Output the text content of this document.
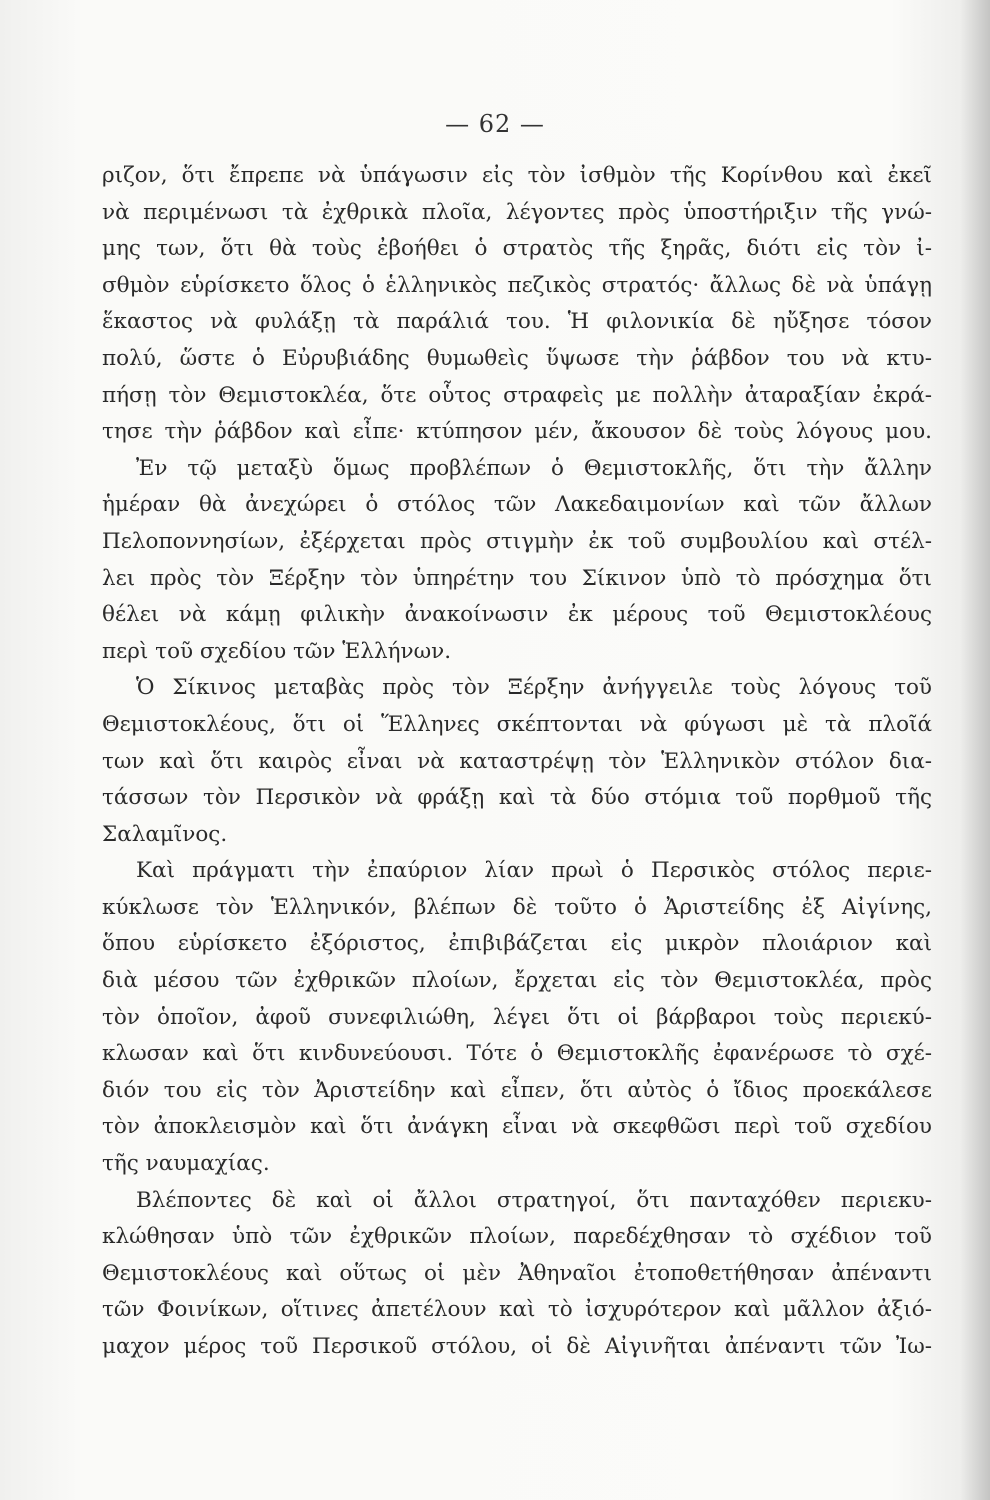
— 62 —
ριζον, ὅτι ἔπρεπε νὰ ὑπάγωσιν εἰς τὸν ἰσθμὸν τῆς Κορίνθου καὶ ἐκεῖ
νὰ περιμένωσι τὰ ἐχθρικὰ πλοῖα, λέγοντες πρὸς ὑποστήριξιν τῆς γνώ-
μης των, ὅτι θὰ τοὺς ἐβοήθει ὁ στρατὸς τῆς ξηρᾶς, διότι εἰς τὸν ἰ-
σθμὸν εὑρίσκετο ὅλος ὁ ἑλληνικὸς πεζικὸς στρατός· ἄλλως δὲ νὰ ὑπάγῃ
ἕκαστος νὰ φυλάξῃ τὰ παράλιά του. Ἡ φιλονικία δὲ ηὔξησε τόσον
πολύ, ὥστε ὁ Εὐρυβιάδης θυμωθεὶς ὕψωσε τὴν ῥάβδον του νὰ κτυ-
πήσῃ τὸν Θεμιστοκλέα, ὅτε οὗτος στραφεὶς με πολλὴν ἀταραξίαν ἐκρά-
τησε τὴν ῥάβδον καὶ εἶπε· κτύπησον μέν, ἄκουσον δὲ τοὺς λόγους μου.
Ἐν τῷ μεταξὺ ὅμως προβλέπων ὁ Θεμιστοκλῆς, ὅτι τὴν ἄλλην
ἡμέραν θὰ ἀνεχώρει ὁ στόλος τῶν Λακεδαιμονίων καὶ τῶν ἄλλων
Πελοποννησίων, ἐξέρχεται πρὸς στιγμὴν ἐκ τοῦ συμβουλίου καὶ στέλ-
λει πρὸς τὸν Ξέρξην τὸν ὑπηρέτην του Σίκινον ὑπὸ τὸ πρόσχημα ὅτι
θέλει νὰ κάμῃ φιλικὴν ἀνακοίνωσιν ἐκ μέρους τοῦ Θεμιστοκλέους
περὶ τοῦ σχεδίου τῶν Ἑλλήνων.
Ὁ Σίκινος μεταβὰς πρὸς τὸν Ξέρξην ἀνήγγειλε τοὺς λόγους τοῦ
Θεμιστοκλέους, ὅτι οἱ Ἕλληνες σκέπτονται νὰ φύγωσι μὲ τὰ πλοῖά
των καὶ ὅτι καιρὸς εἶναι νὰ καταστρέψῃ τὸν Ἑλληνικὸν στόλον δια-
τάσσων τὸν Περσικὸν νὰ φράξῃ καὶ τὰ δύο στόμια τοῦ πορθμοῦ τῆς
Σαλαμῖνος.
Καὶ πράγματι τὴν ἐπαύριον λίαν πρωὶ ὁ Περσικὸς στόλος περιε-
κύκλωσε τὸν Ἑλληνικόν, βλέπων δὲ τοῦτο ὁ Ἀριστείδης ἐξ Αἰγίνης,
ὅπου εὑρίσκετο ἐξόριστος, ἐπιβιβάζεται εἰς μικρὸν πλοιάριον καὶ
διὰ μέσου τῶν ἐχθρικῶν πλοίων, ἔρχεται εἰς τὸν Θεμιστοκλέα, πρὸς
τὸν ὁποῖον, ἀφοῦ συνεφιλιώθη, λέγει ὅτι οἱ βάρβαροι τοὺς περιεκύ-
κλωσαν καὶ ὅτι κινδυνεύουσι. Τότε ὁ Θεμιστοκλῆς ἐφανέρωσε τὸ σχέ-
διόν του εἰς τὸν Ἀριστείδην καὶ εἶπεν, ὅτι αὐτὸς ὁ ἴδιος προεκάλεσε
τὸν ἀποκλεισμὸν καὶ ὅτι ἀνάγκη εἶναι νὰ σκεφθῶσι περὶ τοῦ σχεδίου
τῆς ναυμαχίας.
Βλέποντες δὲ καὶ οἱ ἄλλοι στρατηγοί, ὅτι πανταχόθεν περιεκυ-
κλώθησαν ὑπὸ τῶν ἐχθρικῶν πλοίων, παρεδέχθησαν τὸ σχέδιον τοῦ
Θεμιστοκλέους καὶ οὕτως οἱ μὲν Ἀθηναῖοι ἐτοποθετήθησαν ἀπέναντι
τῶν Φοινίκων, οἵτινες ἀπετέλουν καὶ τὸ ἰσχυρότερον καὶ μᾶλλον ἀξιό-
μαχον μέρος τοῦ Περσικοῦ στόλου, οἱ δὲ Αἰγινῆται ἀπέναντι τῶν Ἰω-
